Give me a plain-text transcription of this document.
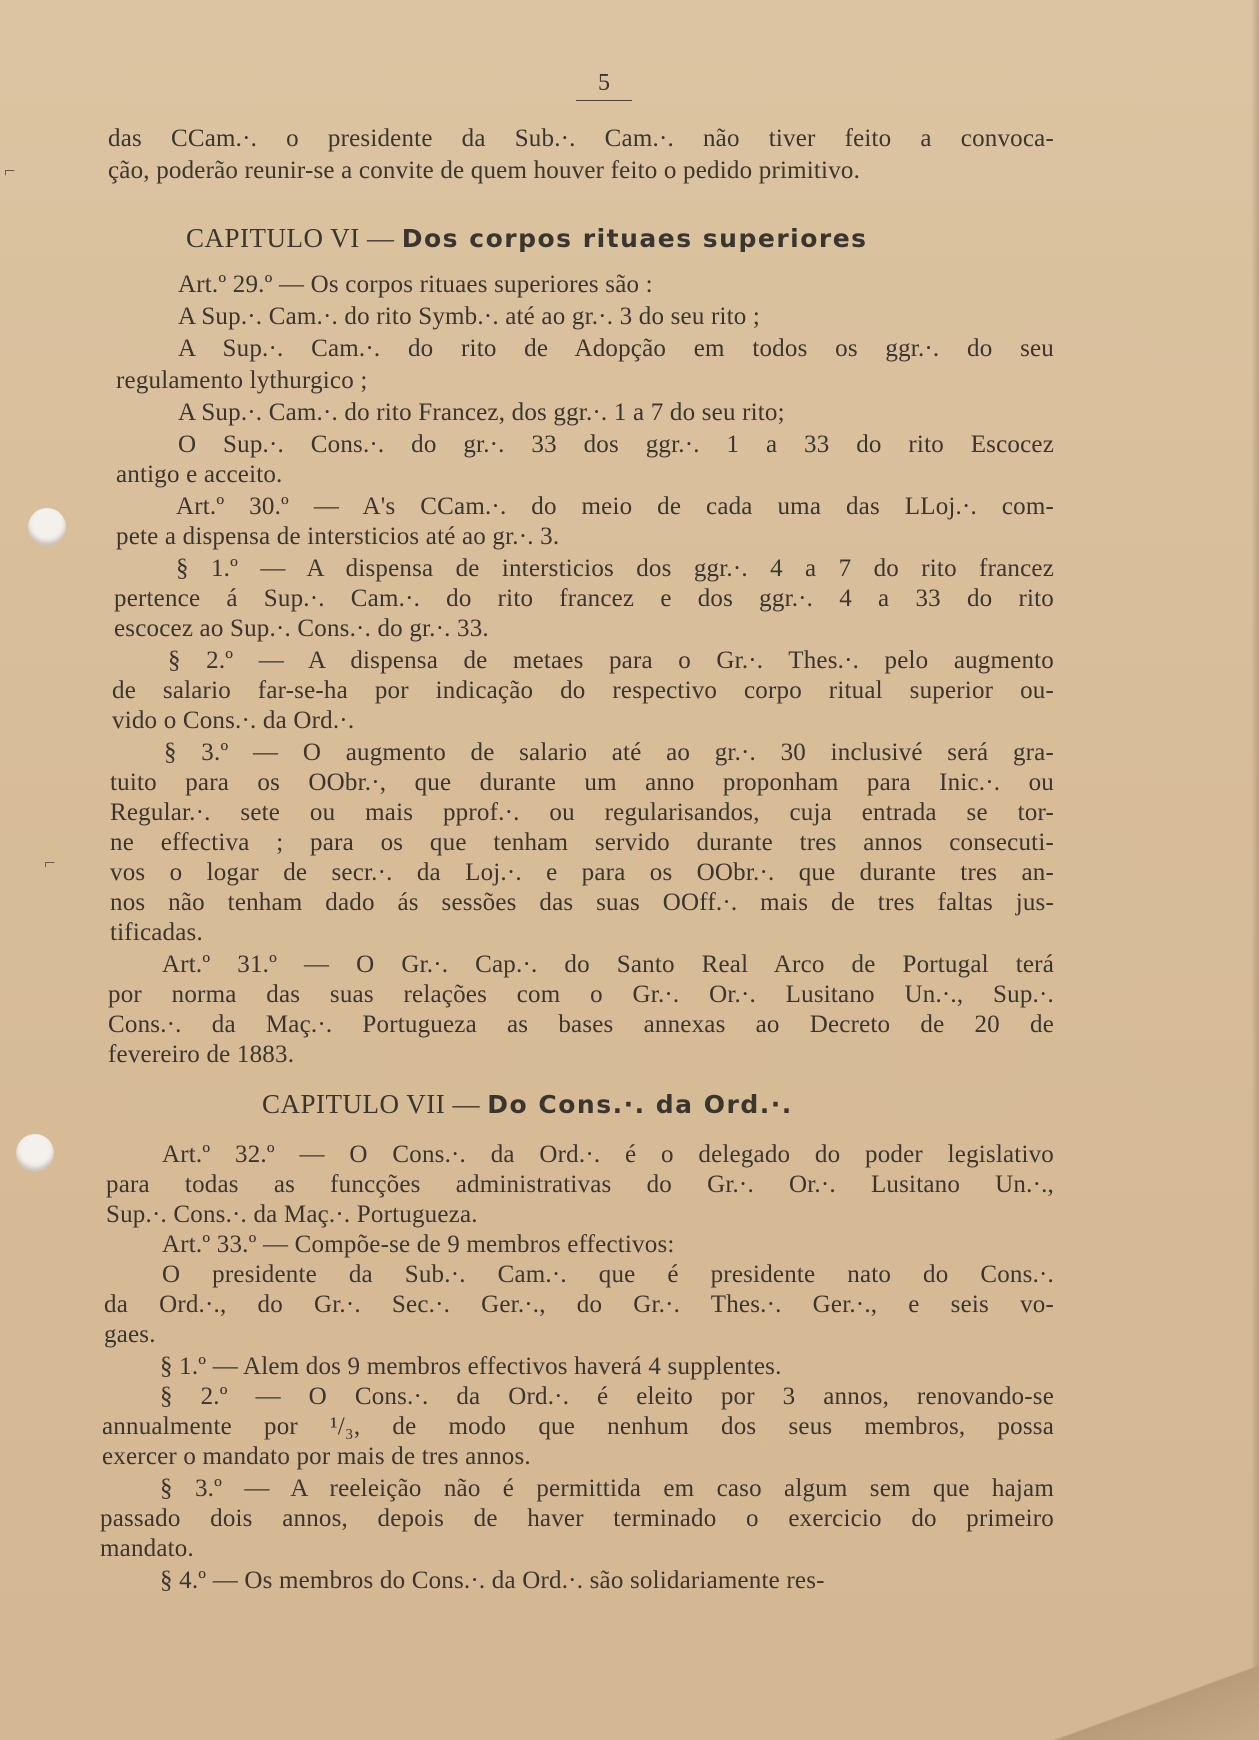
⌐
⌐
5
das CCam.·. o presidente da Sub.·. Cam.·. não tiver feito a convoca-
ção, poderão reunir-se a convite de quem houver feito o pedido primitivo.
CAPITULO VI — Dos corpos rituaes superiores
Art.º 29.º — Os corpos rituaes superiores são :
A Sup.·. Cam.·. do rito Symb.·. até ao gr.·. 3 do seu rito ;
A Sup.·. Cam.·. do rito de Adopção em todos os ggr.·. do seu
regulamento lythurgico ;
A Sup.·. Cam.·. do rito Francez, dos ggr.·. 1 a 7 do seu rito;
O Sup.·. Cons.·. do gr.·. 33 dos ggr.·. 1 a 33 do rito Escocez
antigo e acceito.
Art.º 30.º — A's CCam.·. do meio de cada uma das LLoj.·. com-
pete a dispensa de intersticios até ao gr.·. 3.
§ 1.º — A dispensa de intersticios dos ggr.·. 4 a 7 do rito francez
pertence á Sup.·. Cam.·. do rito francez e dos ggr.·. 4 a 33 do rito
escocez ao Sup.·. Cons.·. do gr.·. 33.
§ 2.º — A dispensa de metaes para o Gr.·. Thes.·. pelo augmento
de salario far-se-ha por indicação do respectivo corpo ritual superior ou-
vido o Cons.·. da Ord.·.
§ 3.º — O augmento de salario até ao gr.·. 30 inclusivé será gra-
tuito para os OObr.·, que durante um anno proponham para Inic.·. ou
Regular.·. sete ou mais pprof.·. ou regularisandos, cuja entrada se tor-
ne effectiva ; para os que tenham servido durante tres annos consecuti-
vos o logar de secr.·. da Loj.·. e para os OObr.·. que durante tres an-
nos não tenham dado ás sessões das suas OOff.·. mais de tres faltas jus-
tificadas.
Art.º 31.º — O Gr.·. Cap.·. do Santo Real Arco de Portugal terá
por norma das suas relações com o Gr.·. Or.·. Lusitano Un.·., Sup.·.
Cons.·. da Maç.·. Portugueza as bases annexas ao Decreto de 20 de
fevereiro de 1883.
CAPITULO VII — Do Cons.·. da Ord.·.
Art.º 32.º — O Cons.·. da Ord.·. é o delegado do poder legislativo
para todas as funcções administrativas do Gr.·. Or.·. Lusitano Un.·.,
Sup.·. Cons.·. da Maç.·. Portugueza.
Art.º 33.º — Compõe-se de 9 membros effectivos:
O presidente da Sub.·. Cam.·. que é presidente nato do Cons.·.
da Ord.·., do Gr.·. Sec.·. Ger.·., do Gr.·. Thes.·. Ger.·., e seis vo-
gaes.
§ 1.º — Alem dos 9 membros effectivos haverá 4 supplentes.
§ 2.º — O Cons.·. da Ord.·. é eleito por 3 annos, renovando-se
annualmente por ¹/₃, de modo que nenhum dos seus membros, possa
exercer o mandato por mais de tres annos.
§ 3.º — A reeleição não é permittida em caso algum sem que hajam
passado dois annos, depois de haver terminado o exercicio do primeiro
mandato.
§ 4.º — Os membros do Cons.·. da Ord.·. são solidariamente res-
